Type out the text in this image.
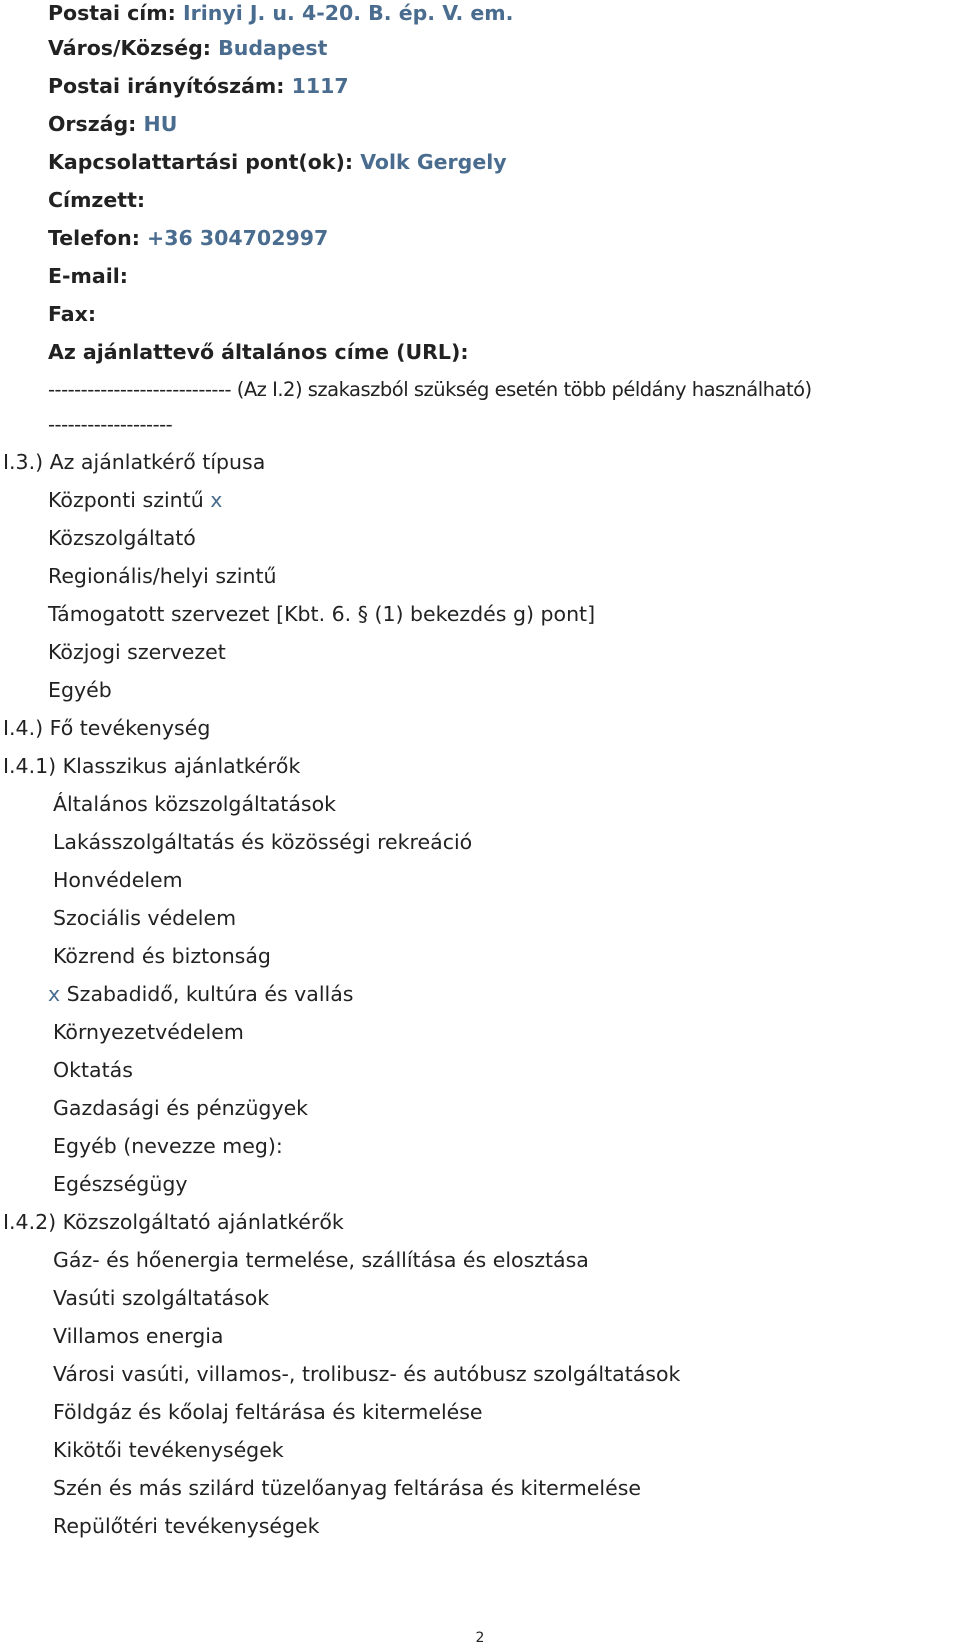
Postai cím: Irinyi J. u. 4-20. B. ép. V. em.
Város/Község: Budapest
Postai irányítószám: 1117
Ország: HU
Kapcsolattartási pont(ok): Volk Gergely
Címzett:
Telefon: +36 304702997
E-mail:
Fax:
Az ajánlattevő általános címe (URL):
---------------------------- (Az I.2) szakaszból szükség esetén több példány használható)
-------------------
I.3.) Az ajánlatkérő típusa
Központi szintű x
Közszolgáltató
Regionális/helyi szintű
Támogatott szervezet [Kbt. 6. § (1) bekezdés g) pont]
Közjogi szervezet
Egyéb
I.4.) Fő tevékenység
I.4.1) Klasszikus ajánlatkérők
Általános közszolgáltatások
Lakásszolgáltatás és közösségi rekreáció
Honvédelem
Szociális védelem
Közrend és biztonság
x Szabadidő, kultúra és vallás
Környezetvédelem
Oktatás
Gazdasági és pénzügyek
Egyéb (nevezze meg):
Egészségügy
I.4.2) Közszolgáltató ajánlatkérők
Gáz- és hőenergia termelése, szállítása és elosztása
Vasúti szolgáltatások
Villamos energia
Városi vasúti, villamos-, trolibusz- és autóbusz szolgáltatások
Földgáz és kőolaj feltárása és kitermelése
Kikötői tevékenységek
Szén és más szilárd tüzelőanyag feltárása és kitermelése
Repülőtéri tevékenységek
2
